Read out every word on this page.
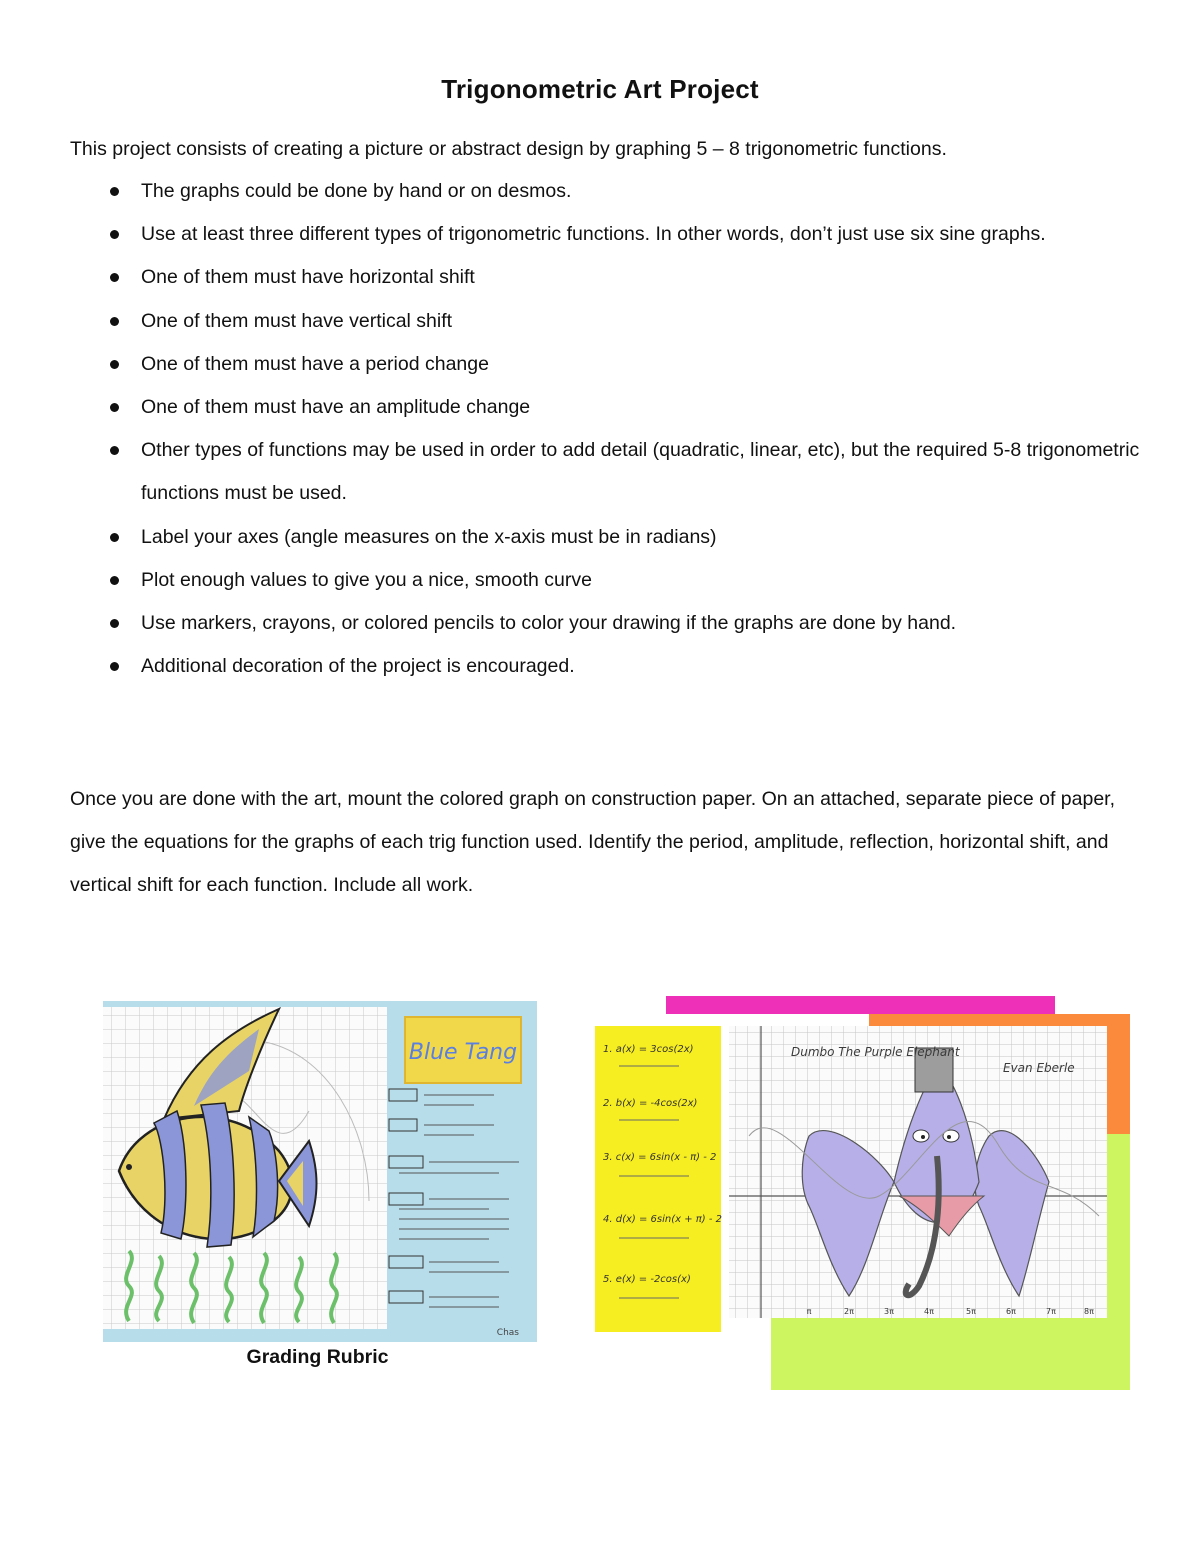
Trigonometric Art Project
This project consists of creating a picture or abstract design by graphing 5 – 8 trigonometric functions.
The graphs could be done by hand or on desmos.
Use at least three different types of trigonometric functions. In other words, don’t just use six sine graphs.
One of them must have horizontal shift
One of them must have vertical shift
One of them must have a period change
One of them must have an amplitude change
Other types of functions may be used in order to add detail (quadratic, linear, etc), but the required 5-8 trigonometric functions must be used.
Label your axes (angle measures on the x-axis must be in radians)
Plot enough values to give you a nice, smooth curve
Use markers, crayons, or colored pencils to color your drawing if the graphs are done by hand.
Additional decoration of the project is encouraged.
Once you are done with the art, mount the colored graph on construction paper. On an attached, separate piece of paper, give the equations for the graphs of each trig function used. Identify the period, amplitude, reflection, horizontal shift, and vertical shift for each function. Include all work.
Blue Tang
Chas
π	2π	3π	4π	5π	6π	7π	8π
Dumbo The Purple Elephant
Evan Eberle
1. a(x) = 3cos(2x)
2. b(x) = -4cos(2x)
3. c(x) = 6sin(x - π) - 2
4. d(x) = 6sin(x + π) - 2
5. e(x) = -2cos(x)
Grading Rubric
